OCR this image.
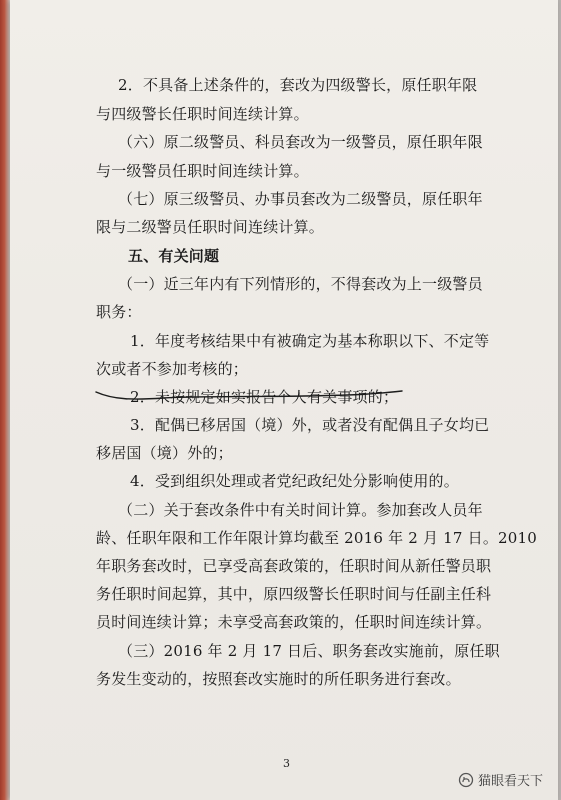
2．不具备上述条件的，套改为四级警长，原任职年限
与四级警长任职时间连续计算。
（六）原二级警员、科员套改为一级警员，原任职年限
与一级警员任职时间连续计算。
（七）原三级警员、办事员套改为二级警员，原任职年
限与二级警员任职时间连续计算。
五、有关问题
（一）近三年内有下列情形的，不得套改为上一级警员
职务：
1．年度考核结果中有被确定为基本称职以下、不定等
次或者不参加考核的；
2．未按规定如实报告个人有关事项的；
3．配偶已移居国（境）外，或者没有配偶且子女均已
移居国（境）外的；
4．受到组织处理或者党纪政纪处分影响使用的。
（二）关于套改条件中有关时间计算。参加套改人员年
龄、任职年限和工作年限计算均截至 2016 年 2 月 17 日。2010
年职务套改时，已享受高套政策的，任职时间从新任警员职
务任职时间起算，其中，原四级警长任职时间与任副主任科
员时间连续计算；未享受高套政策的，任职时间连续计算。
（三）2016 年 2 月 17 日后、职务套改实施前，原任职
务发生变动的，按照套改实施时的所任职务进行套改。
3
猫眼看天下
